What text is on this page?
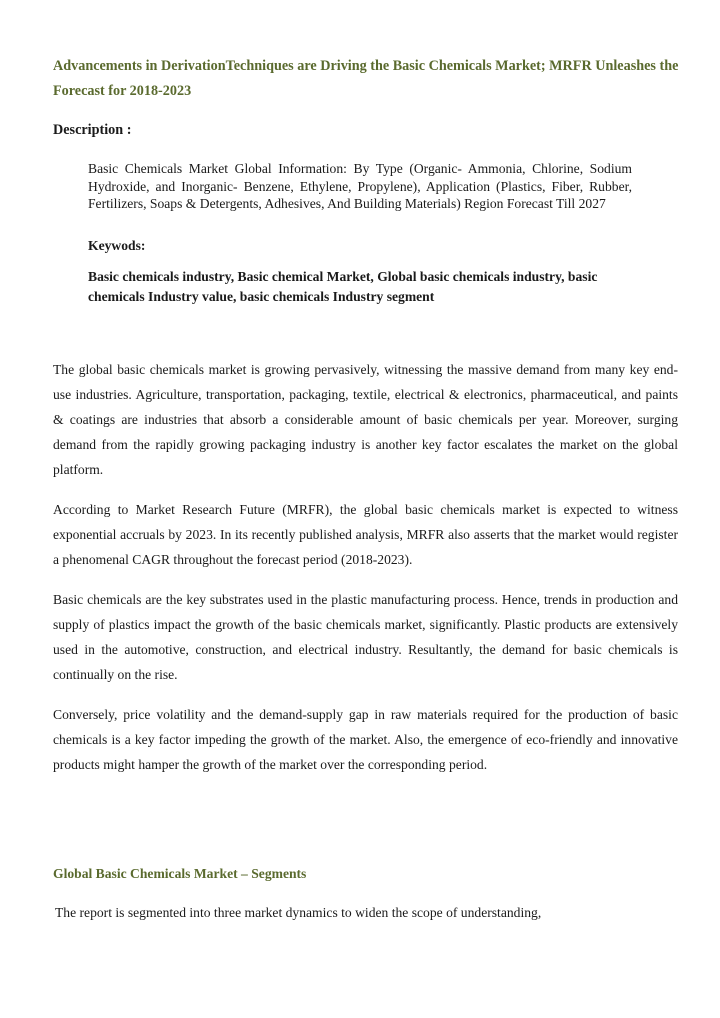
Advancements in DerivationTechniques are Driving the Basic Chemicals Market; MRFR Unleashes the Forecast for 2018-2023
Description :
Basic Chemicals Market Global Information: By Type (Organic- Ammonia, Chlorine, Sodium Hydroxide, and Inorganic- Benzene, Ethylene, Propylene), Application (Plastics, Fiber, Rubber, Fertilizers, Soaps & Detergents, Adhesives, And Building Materials) Region Forecast Till 2027
Keywods:
Basic chemicals industry, Basic chemical Market, Global basic chemicals industry, basic chemicals Industry value, basic chemicals Industry segment

The global basic chemicals market is growing pervasively, witnessing the massive demand from many key end-use industries. Agriculture, transportation, packaging, textile, electrical & electronics, pharmaceutical, and paints & coatings are industries that absorb a considerable amount of basic chemicals per year. Moreover, surging demand from the rapidly growing packaging industry is another key factor escalates the market on the global platform.

According to Market Research Future (MRFR), the global basic chemicals market is expected to witness exponential accruals by 2023. In its recently published analysis, MRFR also asserts that the market would register a phenomenal CAGR throughout the forecast period (2018-2023).

Basic chemicals are the key substrates used in the plastic manufacturing process. Hence, trends in production and supply of plastics impact the growth of the basic chemicals market, significantly. Plastic products are extensively used in the automotive, construction, and electrical industry. Resultantly, the demand for basic chemicals is continually on the rise.

Conversely, price volatility and the demand-supply gap in raw materials required for the production of basic chemicals is a key factor impeding the growth of the market. Also, the emergence of eco-friendly and innovative products might hamper the growth of the market over the corresponding period.

Global Basic Chemicals Market – Segments
The report is segmented into three market dynamics to widen the scope of understanding,
